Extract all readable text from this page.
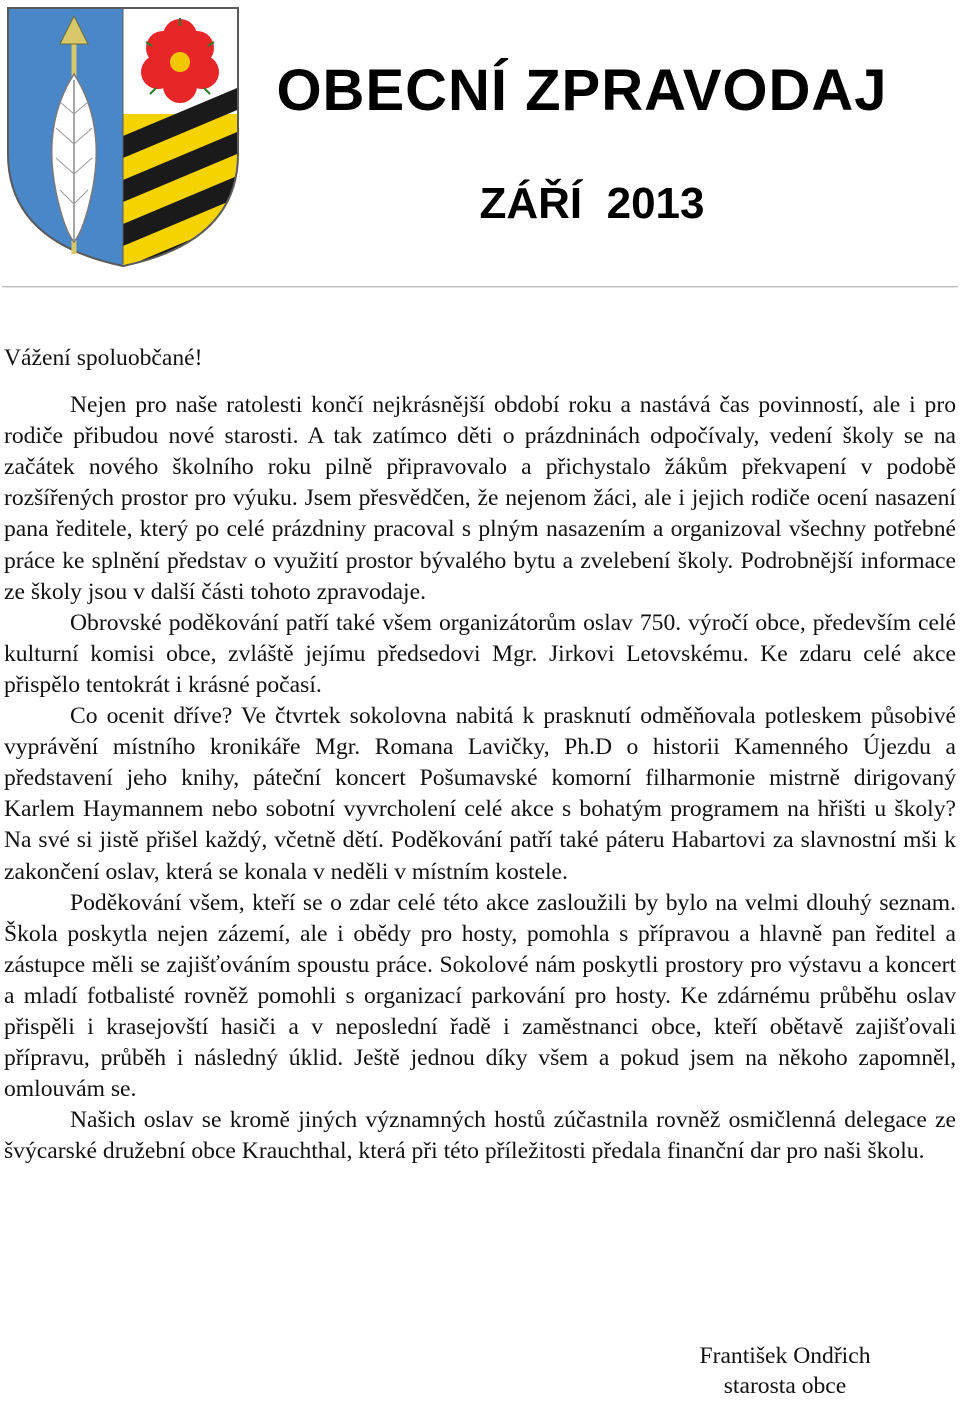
OBECNÍ ZPRAVODAJ
ZÁŘÍ  2013

Vážení spoluobčané!

Nejen pro naše ratolesti končí nejkrásnější období roku a nastává čas povinností, ale i pro rodiče přibudou nové starosti. A tak zatímco děti o prázdninách odpočívaly, vedení školy se na začátek nového školního roku pilně připravovalo a přichystalo žákům překvapení v podobě rozšířených prostor pro výuku. Jsem přesvědčen, že nejenom žáci, ale i jejich rodiče ocení nasazení pana ředitele, který po celé prázdniny pracoval s plným nasazením a organizoval všechny potřebné práce ke splnění představ o využití prostor bývalého bytu a zvelebení školy. Podrobnější informace ze školy jsou v další části tohoto zpravodaje.

Obrovské poděkování patří také všem organizátorům oslav 750. výročí obce, především celé kulturní komisi obce, zvláště jejímu předsedovi Mgr. Jirkovi Letovskému. Ke zdaru celé akce přispělo tentokrát i krásné počasí.

Co ocenit dříve? Ve čtvrtek sokolovna nabitá k prasknutí odměňovala potleskem působivé vyprávění místního kronikáře Mgr. Romana Lavičky, Ph.D o historii Kamenného Újezdu a představení jeho knihy, páteční koncert Pošumavské komorní filharmonie mistrně dirigovaný Karlem Haymannem nebo sobotní vyvrcholení celé akce s bohatým programem na hřišti u školy? Na své si jistě přišel každý, včetně dětí. Poděkování patří také páteru Habartovi za slavnostní mši k zakončení oslav, která se konala v neděli v místním kostele.

Poděkování všem, kteří se o zdar celé této akce zasloužili by bylo na velmi dlouhý seznam. Škola poskytla nejen zázemí, ale i obědy pro hosty, pomohla s přípravou a hlavně pan ředitel a zástupce měli se zajišťováním spoustu práce. Sokolové nám poskytli prostory pro výstavu a koncert a mladí fotbalisté rovněž pomohli s organizací parkování pro hosty. Ke zdárnému průběhu oslav přispěli i krasejovští hasiči a v neposlední řadě i zaměstnanci obce, kteří obětavě zajišťovali přípravu, průběh i následný úklid. Ještě jednou díky všem a pokud jsem na někoho zapomněl, omlouvám se.

Našich oslav se kromě jiných významných hostů zúčastnila rovněž osmičlenná delegace ze švýcarské družební obce Krauchthal, která při této příležitosti předala finanční dar pro naši školu.

František Ondřich
starosta obce
